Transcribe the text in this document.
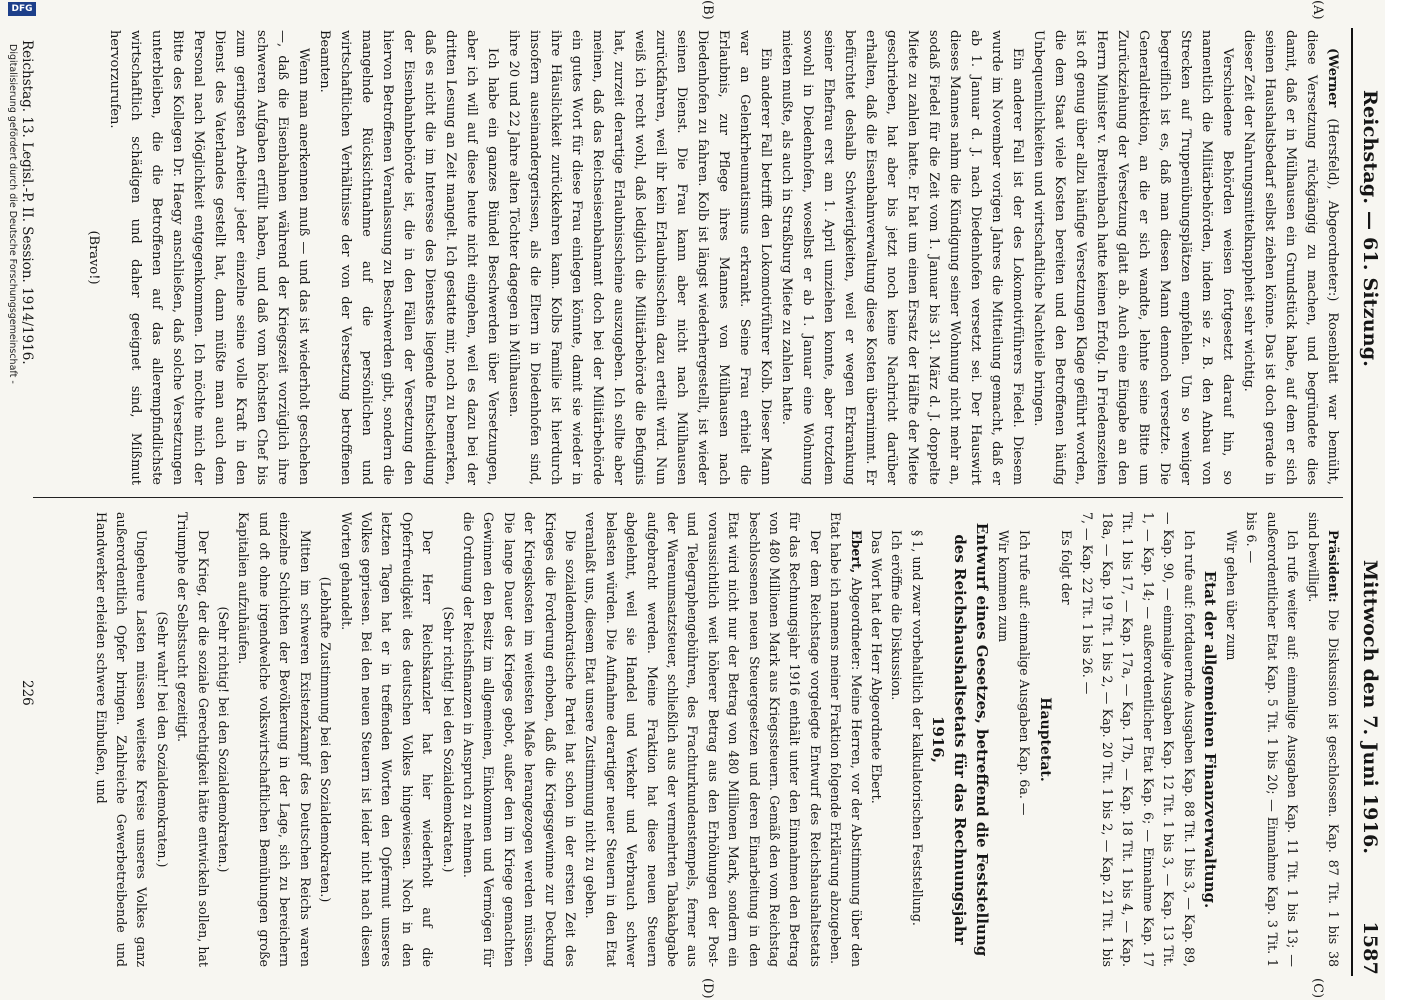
Reichstag. — 61. Sitzung.
Mittwoch den 7. Juni 1916.
1587
(A)
(B)
(C)
(D)

(Werner (Hersfeld), Abgeordneter:) Rosenblatt war bemüht, diese Versetzung rückgängig zu machen, und begründete dies damit, daß er in Mülhausen ein Grundstück habe, auf dem er sich seinen Haushaltsbedarf selbst ziehen könne. Das ist doch gerade in dieser Zeit der Nahrungsmittelknappheit sehr wichtig.

Verschiedene Behörden weisen fortgesetzt darauf hin, so namentlich die Militärbehörden, indem sie z. B. den Anbau von Strecken auf Truppenübungsplätzen empfehlen. Um so weniger begreiflich ist es, daß man diesen Mann dennoch versetzte. Die Generaldirektion, an die er sich wandte, lehnte seine Bitte um Zurückziehung der Versetzung glatt ab. Auch eine Eingabe an den Herrn Minister v. Breitenbach hatte keinen Erfolg. In Friedenszeiten ist oft genug über allzu häufige Versetzungen Klage geführt worden, die dem Staat viele Kosten bereiten und den Betroffenen häufig Unbequemlichkeiten und wirtschaftliche Nachteile bringen.

Ein anderer Fall ist der des Lokomotivführers Fiedel. Diesem wurde im November vorigen Jahres die Mitteilung gemacht, daß er ab 1. Januar d. J. nach Diedenhofen versetzt sei. Der Hauswirt dieses Mannes nahm die Kündigung seiner Wohnung nicht mehr an, sodaß Fiedel für die Zeit vom 1. Januar bis 31. März d. J. doppelte Miete zu zahlen hatte. Er hat um einen Ersatz der Hälfte der Miete geschrieben, hat aber bis jetzt noch keine Nachricht darüber erhalten, daß die Eisenbahnverwaltung diese Kosten übernimmt. Er befürchtet deshalb Schwierigkeiten, weil er wegen Erkrankung seiner Ehefrau erst am 1. April umziehen konnte, aber trotzdem sowohl in Diedenhofen, woselbst er ab 1. Januar eine Wohnung mieten mußte, als auch in Straßburg Miete zu zahlen hatte.

Ein anderer Fall betrifft den Lokomotivführer Kolb. Dieser Mann war an Gelenkrheumatismus erkrankt. Seine Frau erhielt die Erlaubnis, zur Pflege ihres Mannes von Mülhausen nach Diedenhofen zu fahren. Kolb ist längst wiederhergestellt, ist wieder seinen Dienst. Die Frau kann aber nicht nach Mülhausen zurückfahren, weil ihr kein Erlaubnisschein dazu erteilt wird. Nun weiß ich recht wohl, daß lediglich die Militärbehörde die Befugnis hat, zurzeit derartige Erlaubnisscheine auszugeben. Ich sollte aber meinen, daß das Reichseisenbahnamt doch bei der Militärbehörde ein gutes Wort für diese Frau einlegen könnte, damit sie wieder in ihre Häuslichkeit zurückkehren kann. Kolbs Familie ist hierdurch insofern auseinandergerissen, als die Eltern in Diedenhofen sind, ihre 20 und 22 Jahre alten Töchter dagegen in Mülhausen.

Ich habe ein ganzes Bündel Beschwerden über Versetzungen, aber ich will auf diese heute nicht eingehen, weil es dazu bei der dritten Lesung an Zeit mangelt. Ich gestatte mir, noch zu bemerken, daß es nicht die im Interesse des Dienstes liegende Entscheidung der Eisenbahnbehörde ist, die in den Fällen der Versetzung den hiervon Betroffenen Veranlassung zu Beschwerden gibt, sondern die mangelnde Rücksichtnahme auf die persönlichen und wirtschaftlichen Verhältnisse der von der Versetzung betroffenen Beamten.

Wenn man anerkennen muß — und das ist wiederholt geschehen —, daß die Eisenbahnen während der Kriegszeit vorzüglich ihre schweren Aufgaben erfüllt haben, und daß vom höchsten Chef bis zum geringsten Arbeiter jeder einzelne seine volle Kraft in den Dienst des Vaterlandes gestellt hat, dann müßte man auch dem Personal nach Möglichkeit entgegenkommen. Ich möchte mich der Bitte des Kollegen Dr. Haegy anschließen, daß solche Versetzungen unterbleiben, die die Betroffenen auf das allerempfindlichste wirtschaftlich schädigen und daher geeignet sind, Mißmut hervorzurufen.

(Bravo!)

Präsident: Die Diskussion ist geschlossen. Kap. 87 Tit. 1 bis 38 sind bewilligt.

Ich rufe weiter auf: einmalige Ausgaben Kap. 11 Tit. 1 bis 13; — außerordentlicher Etat Kap. 5 Tit. 1 bis 20; — Einnahme Kap. 3 Tit. 1 bis 6. —

Wir gehen über zum

Etat der allgemeinen Finanzverwaltung.

Ich rufe auf: fortdauernde Ausgaben Kap. 88 Tit. 1 bis 3, — Kap. 89, — Kap. 90, — einmalige Ausgaben Kap. 12 Tit. 1 bis 3, — Kap. 13 Tit. 1, — Kap. 14; — außerordentlicher Etat Kap. 6; — Einnahme Kap. 17 Tit. 1 bis 17, — Kap. 17a, — Kap. 17b, — Kap. 18 Tit. 1 bis 4, — Kap. 18a, — Kap. 19 Tit. 1 bis 2, — Kap. 20 Tit. 1 bis 2, — Kap. 21 Tit. 1 bis 7, — Kap. 22 Tit. 1 bis 26. —

Es folgt der

Hauptetat.

Ich rufe auf: einmalige Ausgaben Kap. 6a. —

Wir kommen zum

Entwurf eines Gesetzes, betreffend die Feststellung des Reichshaushaltsetats für das Rechnungsjahr 1916,

§ 1, und zwar vorbehaltlich der kalkulatorischen Feststellung.

Ich eröffne die Diskussion.

Das Wort hat der Herr Abgeordnete Ebert.

Ebert, Abgeordneter: Meine Herren, vor der Abstimmung über den Etat habe ich namens meiner Fraktion folgende Erklärung abzugeben.

Der dem Reichstage vorgelegte Entwurf des Reichshaushaltsetats für das Rechnungsjahr 1916 enthält unter den Einnahmen den Betrag von 480 Millionen Mark aus Kriegssteuern. Gemäß den vom Reichstag beschlossenen neuen Steuergesetzen und deren Einarbeitung in den Etat wird nicht nur der Betrag von 480 Millionen Mark, sondern ein voraussichtlich weit höherer Betrag aus den Erhöhungen der Post- und Telegraphengebühren, des Frachturkundenstempels, ferner aus der Warenumsatzsteuer, schließlich aus der vermehrten Tabakabgabe aufgebracht werden. Meine Fraktion hat diese neuen Steuern abgelehnt, weil sie Handel und Verkehr und Verbrauch schwer belasten würden. Die Aufnahme derartiger neuer Steuern in den Etat veranlaßt uns, diesem Etat unsere Zustimmung nicht zu geben.

Die sozialdemokratische Partei hat schon in der ersten Zeit des Krieges die Forderung erhoben, daß die Kriegsgewinne zur Deckung der Kriegskosten im weitesten Maße herangezogen werden müssen. Die lange Dauer des Krieges gebot, außer den im Kriege gemachten Gewinnen den Besitz im allgemeinen, Einkommen und Vermögen für die Ordnung der Reichsfinanzen in Anspruch zu nehmen.

(Sehr richtig! bei den Sozialdemokraten.)

Der Herr Reichskanzler hat hier wiederholt auf die Opferfreudigkeit des deutschen Volkes hingewiesen. Noch in den letzten Tagen hat er in treffenden Worten den Opfermut unseres Volkes gepriesen. Bei den neuen Steuern ist leider nicht nach diesen Worten gehandelt.

(Lebhafte Zustimmung bei den Sozialdemokraten.)

Mitten im schweren Existenzkampf des Deutschen Reichs waren einzelne Schichten der Bevölkerung in der Lage, sich zu bereichern und oft ohne irgendwelche volkswirtschaftlichen Bemühungen große Kapitalien aufzuhäufen.

(Sehr richtig! bei den Sozialdemokraten.)

Der Krieg, der die soziale Gerechtigkeit hätte entwickeln sollen, hat Triumphe der Selbstsucht gezeitigt.

(Sehr wahr! bei den Sozialdemokraten.)

Ungeheure Lasten müssen weiteste Kreise unseres Volkes ganz außerordentlich Opfer bringen. Zahlreiche Gewerbetreibende und Handwerker erleiden schwere Einbußen, und

Reichstag. 13. Legisl.-P. II. Session. 1914/1916.
226
Digitalisierung gefördert durch die Deutsche Forschungsgemeinschaft -
DFG
